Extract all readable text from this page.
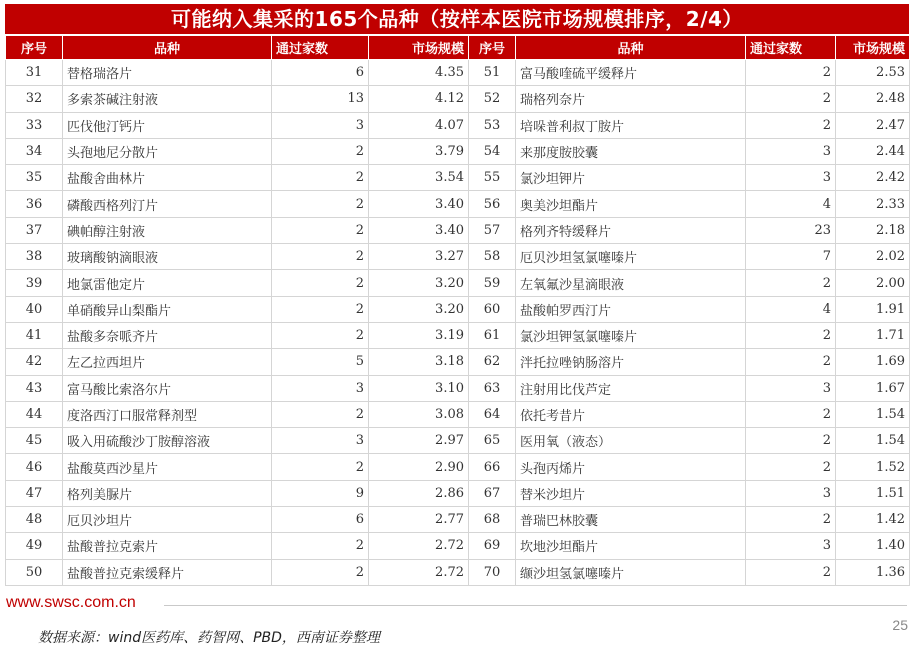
可能纳入集采的165个品种（按样本医院市场规模排序，2/4）
序号	品种	通过家数	市场规模	序号	品种	通过家数	市场规模
31	替格瑞洛片	6	4.35	51	富马酸喹硫平缓释片	2	2.53
32	多索茶碱注射液	13	4.12	52	瑞格列奈片	2	2.48
33	匹伐他汀钙片	3	4.07	53	培哚普利叔丁胺片	2	2.47
34	头孢地尼分散片	2	3.79	54	来那度胺胶囊	3	2.44
35	盐酸舍曲林片	2	3.54	55	氯沙坦钾片	3	2.42
36	磷酸西格列汀片	2	3.40	56	奥美沙坦酯片	4	2.33
37	碘帕醇注射液	2	3.40	57	格列齐特缓释片	23	2.18
38	玻璃酸钠滴眼液	2	3.27	58	厄贝沙坦氢氯噻嗪片	7	2.02
39	地氯雷他定片	2	3.20	59	左氧氟沙星滴眼液	2	2.00
40	单硝酸异山梨酯片	2	3.20	60	盐酸帕罗西汀片	4	1.91
41	盐酸多奈哌齐片	2	3.19	61	氯沙坦钾氢氯噻嗪片	2	1.71
42	左乙拉西坦片	5	3.18	62	泮托拉唑钠肠溶片	2	1.69
43	富马酸比索洛尔片	3	3.10	63	注射用比伐芦定	3	1.67
44	度洛西汀口服常释剂型	2	3.08	64	依托考昔片	2	1.54
45	吸入用硫酸沙丁胺醇溶液	3	2.97	65	医用氧（液态）	2	1.54
46	盐酸莫西沙星片	2	2.90	66	头孢丙烯片	2	1.52
47	格列美脲片	9	2.86	67	替米沙坦片	3	1.51
48	厄贝沙坦片	6	2.77	68	普瑞巴林胶囊	2	1.42
49	盐酸普拉克索片	2	2.72	69	坎地沙坦酯片	3	1.40
50	盐酸普拉克索缓释片	2	2.72	70	缬沙坦氢氯噻嗪片	2	1.36
www.swsc.com.cn
25
数据来源：wind医药库、药智网、PBD，西南证券整理
